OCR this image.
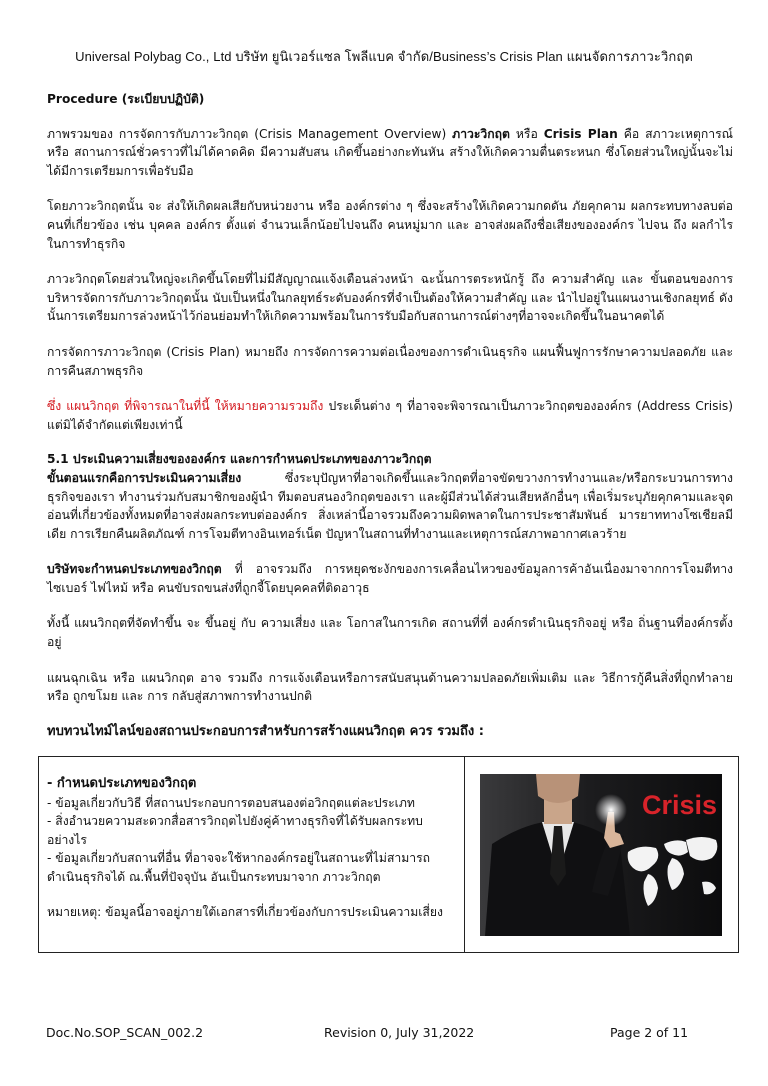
Universal Polybag Co., Ltd บริษัท ยูนิเวอร์แซล โพลีแบค จำกัด/Business’s Crisis Plan แผนจัดการภาวะวิกฤต

Procedure (ระเบียบปฏิบัติ)

ภาพรวมของ การจัดการกับภาวะวิกฤต (Crisis Management Overview) ภาวะวิกฤต หรือ Crisis Plan คือ สภาวะเหตุการณ์ หรือ สถานการณ์ชั่วคราวที่ไม่ได้คาดคิด มีความสับสน เกิดขึ้นอย่างกะทันหัน สร้างให้เกิดความตื่นตระหนก ซึ่งโดยส่วนใหญ่นั้นจะไม่ได้มีการเตรียมการเพื่อรับมือ

โดยภาวะวิกฤตนั้น จะ ส่งให้เกิดผลเสียกับหน่วยงาน หรือ องค์กรต่าง ๆ ซึ่งจะสร้างให้เกิดความกดดัน ภัยคุกคาม ผลกระทบทางลบต่อคนที่เกี่ยวข้อง เช่น บุคคล องค์กร ตั้งแต่ จำนวนเล็กน้อยไปจนถึง คนหมู่มาก และ อาจส่งผลถึงชื่อเสียงขององค์กร ไปจน ถึง ผลกำไรในการทำธุรกิจ

ภาวะวิกฤตโดยส่วนใหญ่จะเกิดขึ้นโดยที่ไม่มีสัญญาณแจ้งเตือนล่วงหน้า ฉะนั้นการตระหนักรู้ ถึง ความสำคัญ และ ขั้นตอนของการบริหารจัดการกับภาวะวิกฤตนั้น นับเป็นหนึ่งในกลยุทธ์ระดับองค์กรที่จำเป็นต้องให้ความสำคัญ และ นำไปอยู่ในแผนงานเชิงกลยุทธ์ ดังนั้นการเตรียมการล่วงหน้าไว้ก่อนย่อมทำให้เกิดความพร้อมในการรับมือกับสถานการณ์ต่างๆที่อาจจะเกิดขึ้นในอนาคตได้

การจัดการภาวะวิกฤต (Crisis Plan) หมายถึง การจัดการความต่อเนื่องของการดำเนินธุรกิจ แผนฟื้นฟูการรักษาความปลอดภัย และ การคืนสภาพธุรกิจ

ซึ่ง แผนวิกฤต ที่พิจารณาในที่นี้ ให้หมายความรวมถึง ประเด็นต่าง ๆ ที่อาจจะพิจารณาเป็นภาวะวิกฤตขององค์กร (Address Crisis) แต่มิได้จำกัดแต่เพียงเท่านี้

5.1 ประเมินความเสี่ยงขององค์กร และการกำหนดประเภทของภาวะวิกฤต

ขั้นตอนแรกคือการประเมินความเสี่ยง          ซึ่งระบุปัญหาที่อาจเกิดขึ้นและวิกฤตที่อาจขัดขวางการทำงานและ/หรือกระบวนการทางธุรกิจของเรา ทำงานร่วมกับสมาชิกของผู้นำ ทีมตอบสนองวิกฤตของเรา และผู้มีส่วนได้ส่วนเสียหลักอื่นๆ เพื่อเริ่มระบุภัยคุกคามและจุดอ่อนที่เกี่ยวข้องทั้งหมดที่อาจส่งผลกระทบต่อองค์กร สิ่งเหล่านี้อาจรวมถึงความผิดพลาดในการประชาสัมพันธ์ มารยาททางโซเชียลมีเดีย การเรียกคืนผลิตภัณฑ์ การโจมตีทางอินเทอร์เน็ต ปัญหาในสถานที่ทำงานและเหตุการณ์สภาพอากาศเลวร้าย

บริษัทจะกำหนดประเภทของวิกฤต ที่ อาจรวมถึง การหยุดชะงักของการเคลื่อนไหวของข้อมูลการค้าอันเนื่องมาจากการโจมตีทางไซเบอร์ ไฟไหม้ หรือ คนขับรถขนส่งที่ถูกจี้โดยบุคคลที่ติดอาวุธ

ทั้งนี้ แผนวิกฤตที่จัดทำขึ้น จะ ขึ้นอยู่ กับ ความเสี่ยง และ โอกาสในการเกิด สถานที่ที่ องค์กรดำเนินธุรกิจอยู่ หรือ ถิ่นฐานที่องค์กรตั้งอยู่

แผนฉุกเฉิน หรือ แผนวิกฤต อาจ รวมถึง การแจ้งเตือนหรือการสนับสนุนด้านความปลอดภัยเพิ่มเติม และ วิธีการกู้คืนสิ่งที่ถูกทำลาย หรือ ถูกขโมย และ การ กลับสู่สภาพการทำงานปกติ

ทบทวนไทม์ไลน์ของสถานประกอบการสำหรับการสร้างแผนวิกฤต ควร รวมถึง :

- กำหนดประเภทของวิกฤต

- ข้อมูลเกี่ยวกับวิธี ที่สถานประกอบการตอบสนองต่อวิกฤตแต่ละประเภท

- สิ่งอำนวยความสะดวกสื่อสารวิกฤตไปยังคู่ค้าทางธุรกิจที่ได้รับผลกระทบอย่างไร

- ข้อมูลเกี่ยวกับสถานที่อื่น ที่อาจจะใช้หากองค์กรอยู่ในสถานะที่ไม่สามารถดำเนินธุรกิจได้ ณ.พื้นที่ปัจจุบัน อันเป็นกระทบมาจาก ภาวะวิกฤต

หมายเหตุ: ข้อมูลนี้อาจอยู่ภายใต้เอกสารที่เกี่ยวข้องกับการประเมินความเสี่ยง

Crisis
Doc.No.SOP_SCAN_002.2	Revision 0, July 31,2022	Page 2 of 11
